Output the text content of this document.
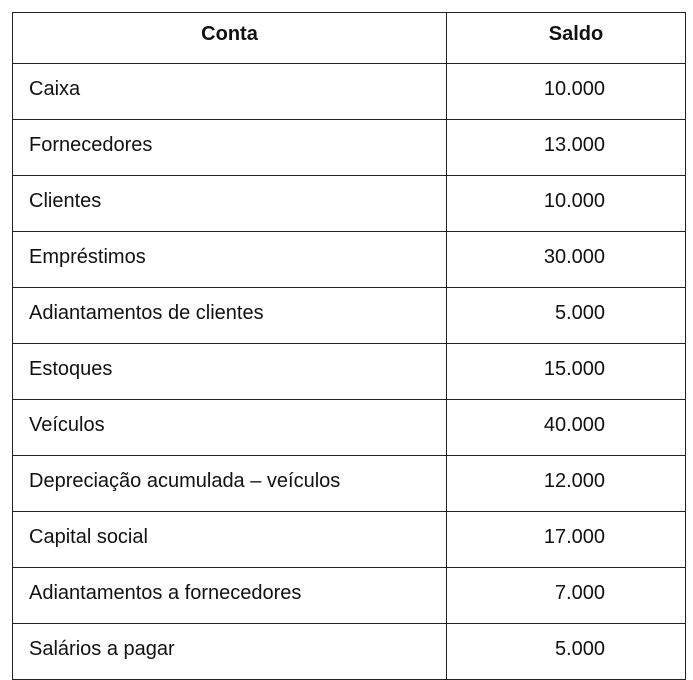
Conta	Saldo
Caixa	10.000
Fornecedores	13.000
Clientes	10.000
Empréstimos	30.000
Adiantamentos de clientes	5.000
Estoques	15.000
Veículos	40.000
Depreciação acumulada – veículos	12.000
Capital social	17.000
Adiantamentos a fornecedores	7.000
Salários a pagar	5.000
